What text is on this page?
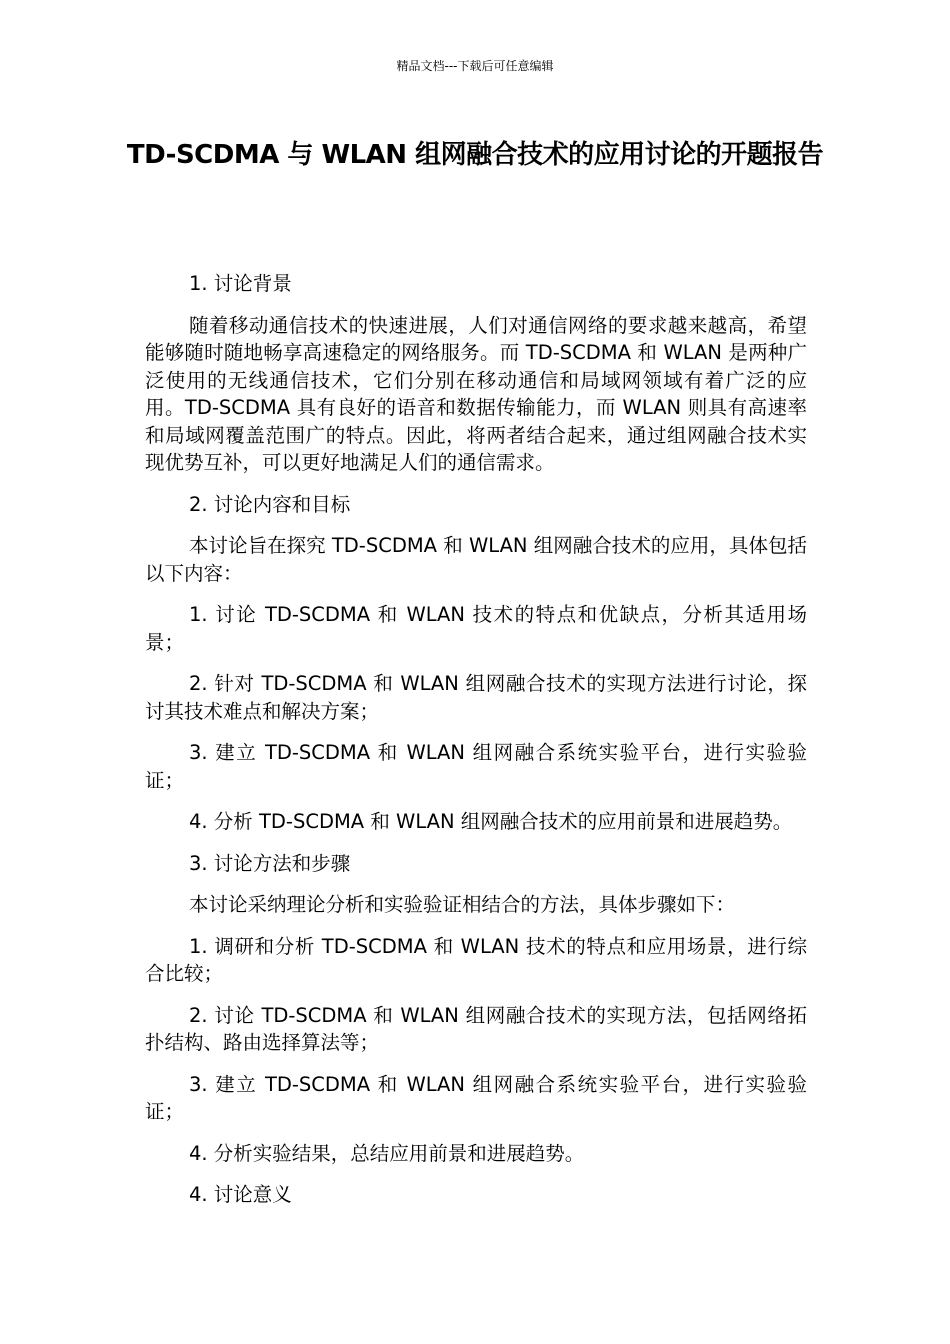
精品文档---下载后可任意编辑
TD-SCDMA 与 WLAN 组网融合技术的应用讨论的开题报告

1. 讨论背景

随着移动通信技术的快速进展，人们对通信网络的要求越来越高，希望能够随时随地畅享高速稳定的网络服务。而 TD-SCDMA 和 WLAN 是两种广泛使用的无线通信技术，它们分别在移动通信和局域网领域有着广泛的应用。TD-SCDMA 具有良好的语音和数据传输能力，而 WLAN 则具有高速率和局域网覆盖范围广的特点。因此，将两者结合起来，通过组网融合技术实现优势互补，可以更好地满足人们的通信需求。

2. 讨论内容和目标

本讨论旨在探究 TD-SCDMA 和 WLAN 组网融合技术的应用，具体包括以下内容：

1. 讨论 TD-SCDMA 和 WLAN 技术的特点和优缺点，分析其适用场景；

2. 针对 TD-SCDMA 和 WLAN 组网融合技术的实现方法进行讨论，探讨其技术难点和解决方案；

3. 建立 TD-SCDMA 和 WLAN 组网融合系统实验平台，进行实验验证；

4. 分析 TD-SCDMA 和 WLAN 组网融合技术的应用前景和进展趋势。

3. 讨论方法和步骤

本讨论采纳理论分析和实验验证相结合的方法，具体步骤如下：

1. 调研和分析 TD-SCDMA 和 WLAN 技术的特点和应用场景，进行综合比较；

2. 讨论 TD-SCDMA 和 WLAN 组网融合技术的实现方法，包括网络拓扑结构、路由选择算法等；

3. 建立 TD-SCDMA 和 WLAN 组网融合系统实验平台，进行实验验证；

4. 分析实验结果，总结应用前景和进展趋势。

4. 讨论意义
